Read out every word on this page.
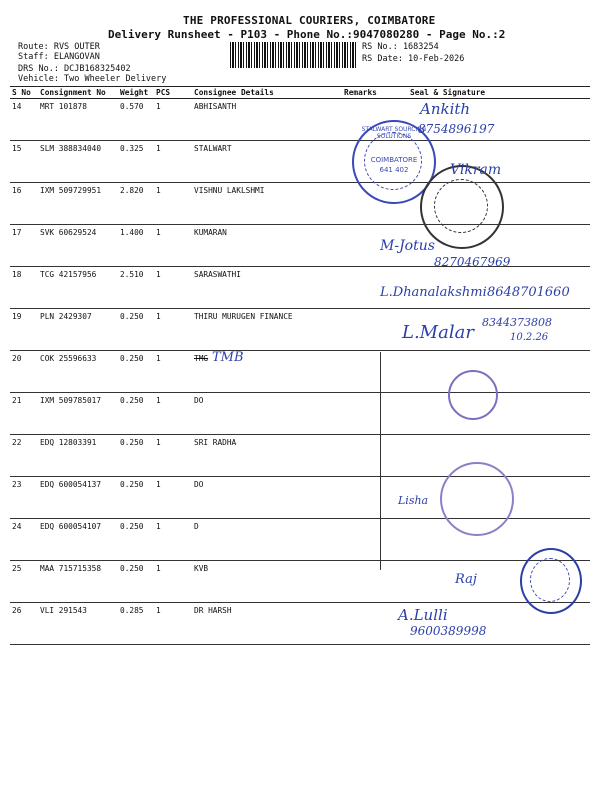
THE PROFESSIONAL COURIERS, COIMBATORE
Delivery Runsheet - P103 - Phone No.:9047080280 - Page No.:2
Route: RVS OUTER
Staff: ELANGOVAN
DRS No.: DCJB168325402
Vehicle: Two Wheeler Delivery
RS No.: 1683254
RS Date: 10-Feb-2026
S No	Consignment No	Weight	PCS	Consignee Details	Remarks	Seal & Signature
14	MRT 101878	0.570	1	ABHISANTH		
15	SLM 388834040	0.325	1	STALWART		
16	IXM 509729951	2.820	1	VISHNU LAKLSHMI		
17	SVK 60629524	1.400	1	KUMARAN		
18	TCG 42157956	2.510	1	SARASWATHI		
19	PLN 2429307	0.250	1	THIRU MURUGEN FINANCE		
20	COK 25596633	0.250	1	TMG		
21	IXM 509785017	0.250	1	DO		
22	EDQ 12803391	0.250	1	SRI RADHA		
23	EDQ 600054137	0.250	1	DO		
24	EDQ 600054107	0.250	1	D		
25	MAA 715715358	0.250	1	KVB		
26	VLI 291543	0.285	1	DR HARSH		
STALWART SOURCING SOLUTIONS
COIMBATORE
641 402
Ankith
8754896197
Vikram
M-Jotus
8270467969
L.Dhanalakshmi 8648701660
L.Malar 8344373808
10.2.26
TMB
Lisha
Raj
A.Lulli
9600389998
